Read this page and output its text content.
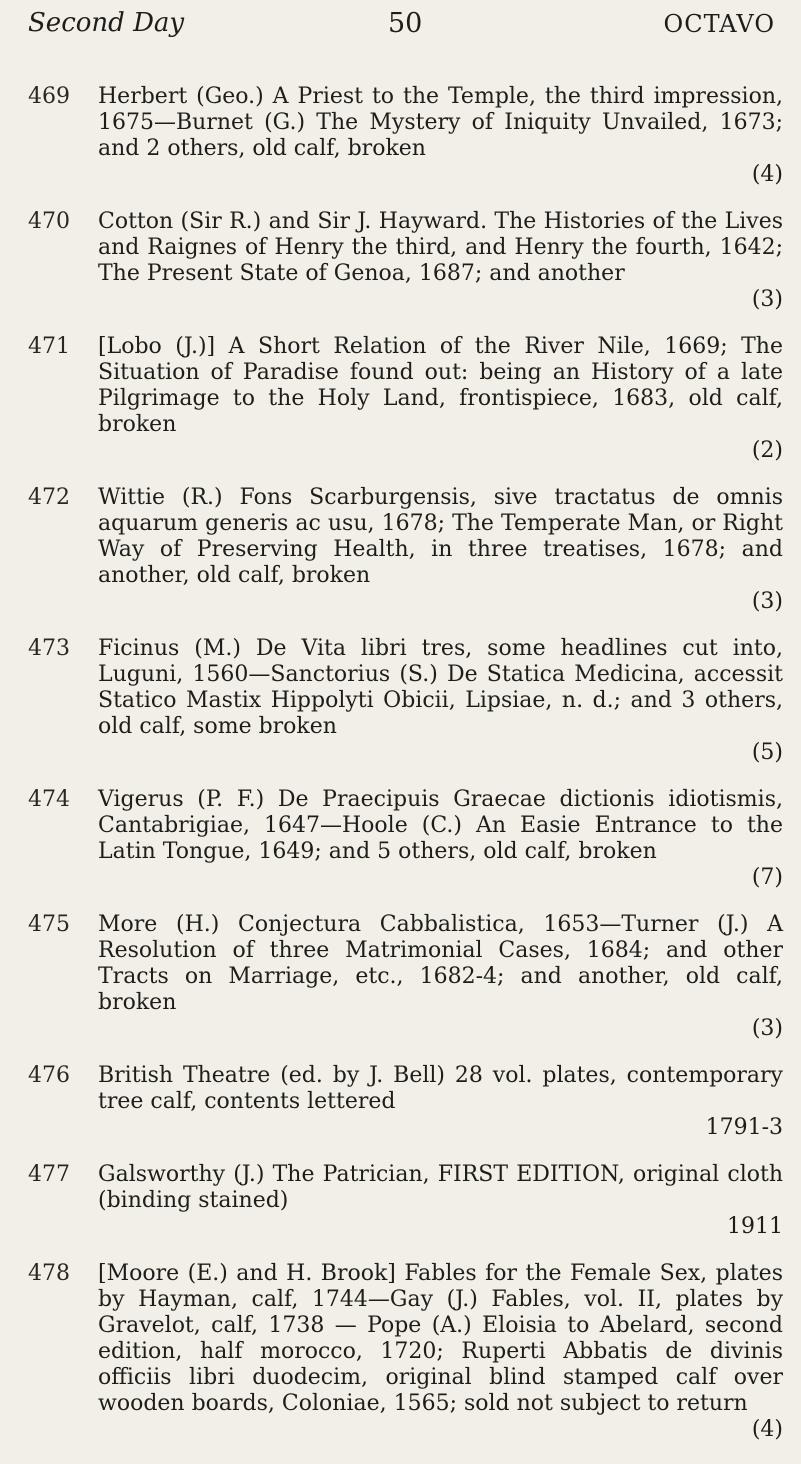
Second Day	50	OCTAVO
469	Herbert (Geo.) A Priest to the Temple, the third impression, 1675—Burnet (G.) The Mystery of Iniquity Unvailed, 1673; and 2 others, old calf, broken
(4)
470	Cotton (Sir R.) and Sir J. Hayward. The Histories of the Lives and Raignes of Henry the third, and Henry the fourth, 1642; The Present State of Genoa, 1687; and another
(3)
471	[Lobo (J.)] A Short Relation of the River Nile, 1669; The Situation of Paradise found out: being an History of a late Pilgrimage to the Holy Land, frontispiece, 1683, old calf, broken
(2)
472	Wittie (R.) Fons Scarburgensis, sive tractatus de omnis aquarum generis ac usu, 1678; The Temperate Man, or Right Way of Preserving Health, in three treatises, 1678; and another, old calf, broken
(3)
473	Ficinus (M.) De Vita libri tres, some headlines cut into, Luguni, 1560—Sanctorius (S.) De Statica Medicina, accessit Statico Mastix Hippolyti Obicii, Lipsiae, n. d.; and 3 others, old calf, some broken
(5)
474	Vigerus (P. F.) De Praecipuis Graecae dictionis idiotismis, Cantabrigiae, 1647—Hoole (C.) An Easie Entrance to the Latin Tongue, 1649; and 5 others, old calf, broken
(7)
475	More (H.) Conjectura Cabbalistica, 1653—Turner (J.) A Resolution of three Matrimonial Cases, 1684; and other Tracts on Marriage, etc., 1682-4; and another, old calf, broken
(3)
476	British Theatre (ed. by J. Bell) 28 vol. plates, contemporary tree calf, contents lettered
1791-3
477	Galsworthy (J.) The Patrician, FIRST EDITION, original cloth (binding stained)
1911
478	[Moore (E.) and H. Brook] Fables for the Female Sex, plates by Hayman, calf, 1744—Gay (J.) Fables, vol. II, plates by Gravelot, calf, 1738 — Pope (A.) Eloisia to Abelard, second edition, half morocco, 1720; Ruperti Abbatis de divinis officiis libri duodecim, original blind stamped calf over wooden boards, Coloniae, 1565; sold not subject to return
(4)
